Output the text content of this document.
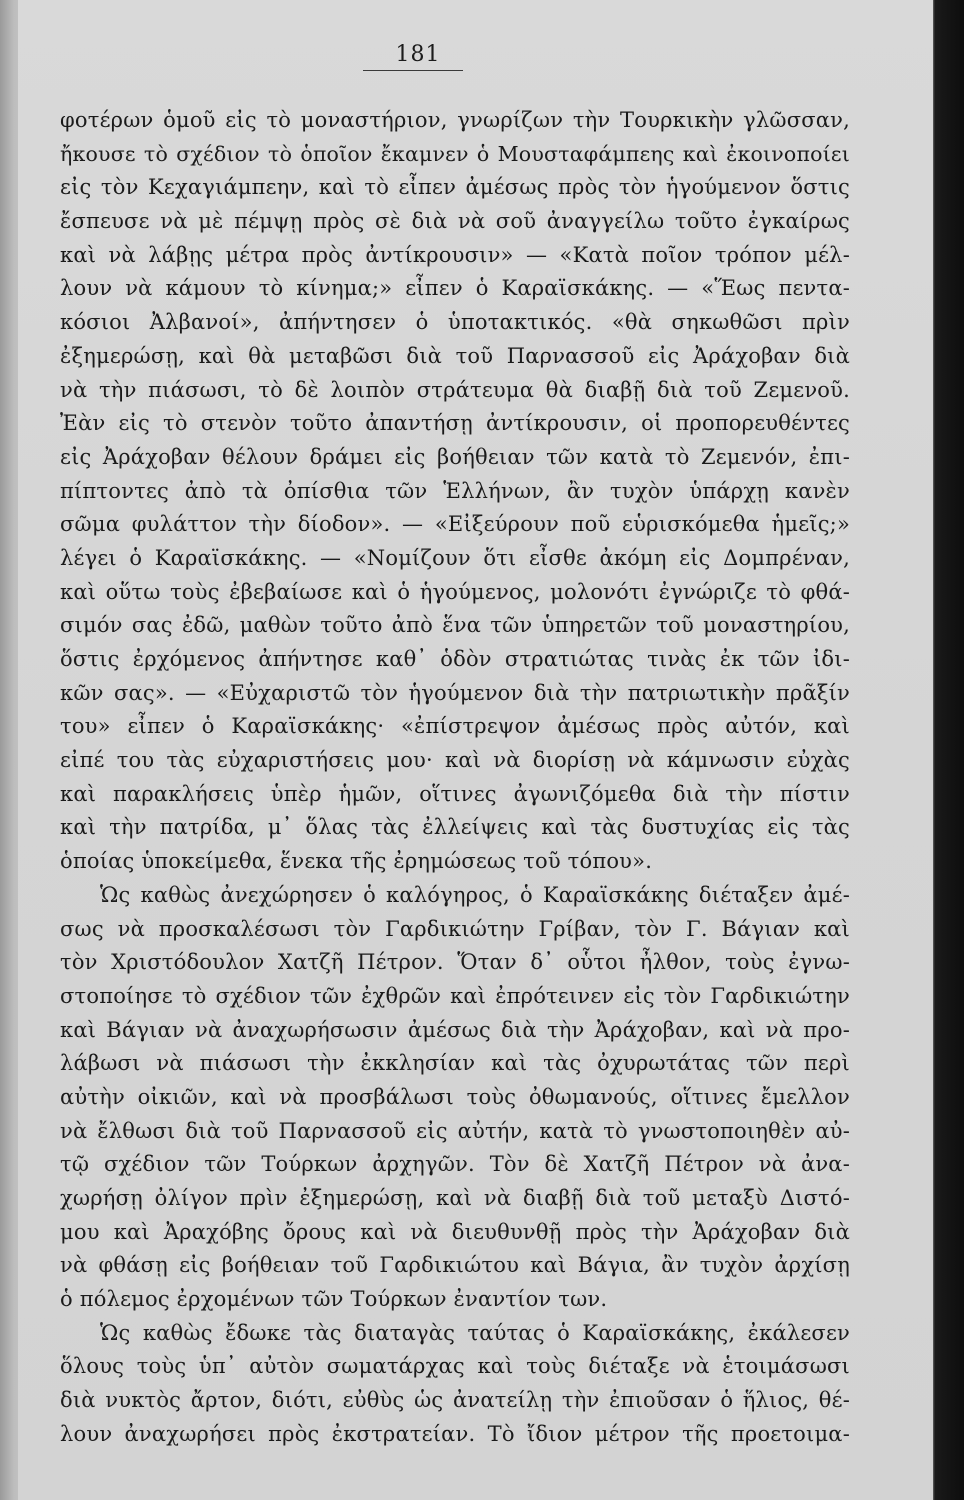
181
φοτέρων ὁμοῦ εἰς τὸ μοναστήριον, γνωρίζων τὴν Τουρκικὴν γλῶσσαν,
ἤκουσε τὸ σχέδιον τὸ ὁποῖον ἔκαμνεν ὁ Μουσταφάμπεης καὶ ἐκοινοποίει
εἰς τὸν Κεχαγιάμπεην, καὶ τὸ εἶπεν ἀμέσως πρὸς τὸν ἡγούμενον ὅστις
ἔσπευσε νὰ μὲ πέμψῃ πρὸς σὲ διὰ νὰ σοῦ ἀναγγείλω τοῦτο ἐγκαίρως
καὶ νὰ λάβῃς μέτρα πρὸς ἀντίκρουσιν» — «Κατὰ ποῖον τρόπον μέλ-
λουν νὰ κάμουν τὸ κίνημα;» εἶπεν ὁ Καραϊσκάκης. — «Ἕως πεντα-
κόσιοι Ἀλβανοί», ἀπήντησεν ὁ ὑποτακτικός. «θὰ σηκωθῶσι πρὶν
ἐξημερώσῃ, καὶ θὰ μεταβῶσι διὰ τοῦ Παρνασσοῦ εἰς Ἀράχοβαν διὰ
νὰ τὴν πιάσωσι, τὸ δὲ λοιπὸν στράτευμα θὰ διαβῇ διὰ τοῦ Ζεμενοῦ.
Ἐὰν εἰς τὸ στενὸν τοῦτο ἀπαντήσῃ ἀντίκρουσιν, οἱ προπορευθέντες
εἰς Ἀράχοβαν θέλουν δράμει εἰς βοήθειαν τῶν κατὰ τὸ Ζεμενόν, ἐπι-
πίπτοντες ἀπὸ τὰ ὀπίσθια τῶν Ἑλλήνων, ἂν τυχὸν ὑπάρχῃ κανὲν
σῶμα φυλάττον τὴν δίοδον». — «Εἰξεύρουν ποῦ εὑρισκόμεθα ἡμεῖς;»
λέγει ὁ Καραϊσκάκης. — «Νομίζουν ὅτι εἶσθε ἀκόμη εἰς Δομπρέναν,
καὶ οὕτω τοὺς ἐβεβαίωσε καὶ ὁ ἡγούμενος, μολονότι ἐγνώριζε τὸ φθά-
σιμόν σας ἐδῶ, μαθὼν τοῦτο ἀπὸ ἕνα τῶν ὑπηρετῶν τοῦ μοναστηρίου,
ὅστις ἐρχόμενος ἀπήντησε καθ᾽ ὁδὸν στρατιώτας τινὰς ἐκ τῶν ἰδι-
κῶν σας». — «Εὐχαριστῶ τὸν ἡγούμενον διὰ τὴν πατριωτικὴν πρᾶξίν
του» εἶπεν ὁ Καραϊσκάκης· «ἐπίστρεψον ἀμέσως πρὸς αὐτόν, καὶ
εἰπέ του τὰς εὐχαριστήσεις μου· καὶ νὰ διορίσῃ νὰ κάμνωσιν εὐχὰς
καὶ παρακλήσεις ὑπὲρ ἡμῶν, οἵτινες ἀγωνιζόμεθα διὰ τὴν πίστιν
καὶ τὴν πατρίδα, μ᾽ ὅλας τὰς ἐλλείψεις καὶ τὰς δυστυχίας εἰς τὰς
ὁποίας ὑποκείμεθα, ἕνεκα τῆς ἐρημώσεως τοῦ τόπου».
Ὡς καθὼς ἀνεχώρησεν ὁ καλόγηρος, ὁ Καραϊσκάκης διέταξεν ἀμέ-
σως νὰ προσκαλέσωσι τὸν Γαρδικιώτην Γρίβαν, τὸν Γ. Βάγιαν καὶ
τὸν Χριστόδουλον Χατζῆ Πέτρον. Ὅταν δ᾽ οὗτοι ἦλθον, τοὺς ἐγνω-
στοποίησε τὸ σχέδιον τῶν ἐχθρῶν καὶ ἐπρότεινεν εἰς τὸν Γαρδικιώτην
καὶ Βάγιαν νὰ ἀναχωρήσωσιν ἀμέσως διὰ τὴν Ἀράχοβαν, καὶ νὰ προ-
λάβωσι νὰ πιάσωσι τὴν ἐκκλησίαν καὶ τὰς ὀχυρωτάτας τῶν περὶ
αὐτὴν οἰκιῶν, καὶ νὰ προσβάλωσι τοὺς ὀθωμανούς, οἵτινες ἔμελλον
νὰ ἔλθωσι διὰ τοῦ Παρνασσοῦ εἰς αὐτήν, κατὰ τὸ γνωστοποιηθὲν αὐ-
τῷ σχέδιον τῶν Τούρκων ἀρχηγῶν. Τὸν δὲ Χατζῆ Πέτρον νὰ ἀνα-
χωρήσῃ ὀλίγον πρὶν ἐξημερώσῃ, καὶ νὰ διαβῇ διὰ τοῦ μεταξὺ Διστό-
μου καὶ Ἀραχόβης ὄρους καὶ νὰ διευθυνθῇ πρὸς τὴν Ἀράχοβαν διὰ
νὰ φθάσῃ εἰς βοήθειαν τοῦ Γαρδικιώτου καὶ Βάγια, ἂν τυχὸν ἀρχίσῃ
ὁ πόλεμος ἐρχομένων τῶν Τούρκων ἐναντίον των.
Ὡς καθὼς ἔδωκε τὰς διαταγὰς ταύτας ὁ Καραϊσκάκης, ἐκάλεσεν
ὅλους τοὺς ὑπ᾽ αὐτὸν σωματάρχας καὶ τοὺς διέταξε νὰ ἑτοιμάσωσι
διὰ νυκτὸς ἄρτον, διότι, εὐθὺς ὡς ἀνατείλῃ τὴν ἐπιοῦσαν ὁ ἥλιος, θέ-
λουν ἀναχωρήσει πρὸς ἐκστρατείαν. Τὸ ἴδιον μέτρον τῆς προετοιμα-
